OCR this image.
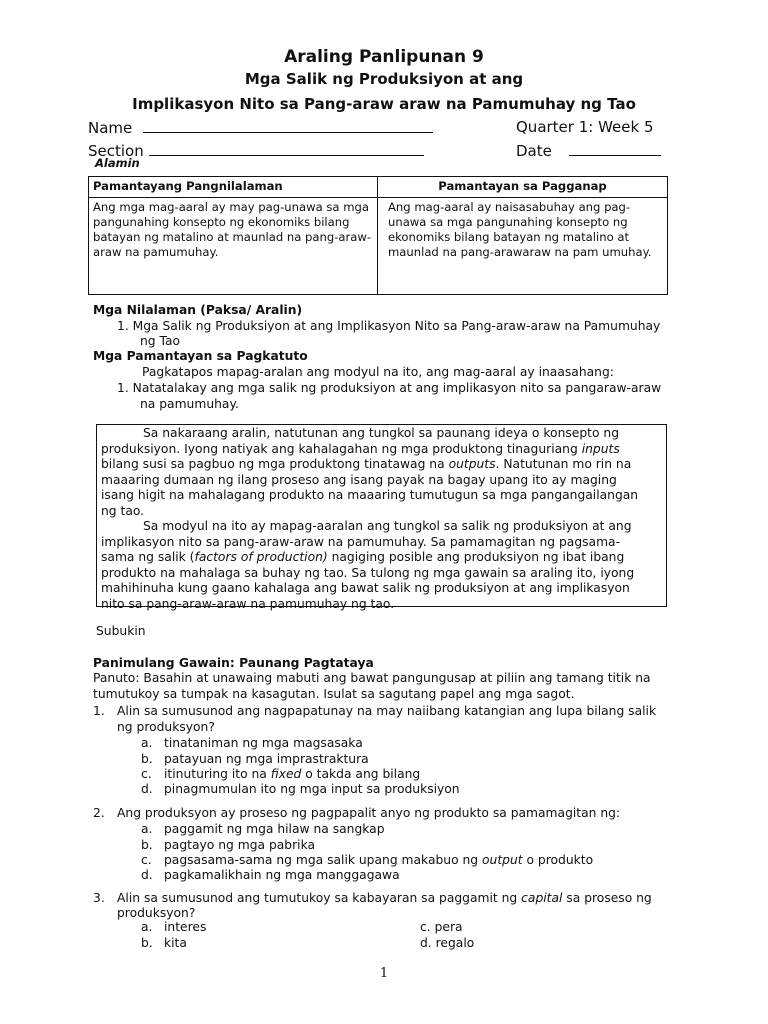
Araling Panlipunan 9
Mga Salik ng Produksiyon at ang
Implikasyon Nito sa Pang-araw araw na Pamumuhay ng Tao
Name
Section
Quarter 1: Week 5
Date
Alamin
Pamantayang Pangnilalaman	Pamantayan sa Pagganap
Ang mga mag-aaral ay may pag-unawa sa mga pangunahing konsepto ng ekonomiks bilang batayan ng matalino at maunlad na pang-araw-araw na pamumuhay.	Ang mag-aaral ay naisasabuhay ang pag-unawa sa mga pangunahing konsepto ng ekonomiks bilang batayan ng matalino at maunlad na pang-arawaraw na pam umuhay.
Mga Nilalaman (Paksa/ Aralin)
1. Mga Salik ng Produksiyon at ang Implikasyon Nito sa Pang-araw-araw na Pamumuhay
ng Tao
Mga Pamantayan sa Pagkatuto
Pagkatapos mapag-aralan ang modyul na ito, ang mag-aaral ay inaasahang:
1. Natatalakay ang mga salik ng produksiyon at ang implikasyon nito sa pangaraw-araw
na pamumuhay.
Sa nakaraang aralin, natutunan ang tungkol sa paunang ideya o konsepto ng
produksiyon. Iyong natiyak ang kahalagahan ng mga produktong tinaguriang inputs
bilang susi sa pagbuo ng mga produktong tinatawag na outputs. Natutunan mo rin na
maaaring dumaan ng ilang proseso ang isang payak na bagay upang ito ay maging
isang higit na mahalagang produkto na maaaring tumutugun sa mga pangangailangan
ng tao.
Sa modyul na ito ay mapag-aaralan ang tungkol sa salik ng produksiyon at ang
implikasyon nito sa pang-araw-araw na pamumuhay. Sa pamamagitan ng pagsama-
sama ng salik (factors of production) nagiging posible ang produksiyon ng ibat ibang
produkto na mahalaga sa buhay ng tao. Sa tulong ng mga gawain sa araling ito, iyong
mahihinuha kung gaano kahalaga ang bawat salik ng produksiyon at ang implikasyon
nito sa pang-araw-araw na pamumuhay ng tao.
Subukin
Panimulang Gawain: Paunang Pagtataya
Panuto: Basahin at unawaing mabuti ang bawat pangungusap at piliin ang tamang titik na
tumutukoy sa tumpak na kasagutan. Isulat sa sagutang papel ang mga sagot.
1. Alin sa sumusunod ang nagpapatunay na may naiibang katangian ang lupa bilang salik
ng produksyon?
a. tinataniman ng mga magsasaka
b. patayuan ng mga imprastraktura
c. itinuturing ito na fixed o takda ang bilang
d. pinagmumulan ito ng mga input sa produksiyon
2. Ang produksyon ay proseso ng pagpapalit anyo ng produkto sa pamamagitan ng:
a. paggamit ng mga hilaw na sangkap
b. pagtayo ng mga pabrika
c. pagsasama-sama ng mga salik upang makabuo ng output o produkto
d. pagkamalikhain ng mga manggagawa
3. Alin sa sumusunod ang tumutukoy sa kabayaran sa paggamit ng capital sa proseso ng
produksyon?
a. interes
b. kita
c. pera
d. regalo
1
